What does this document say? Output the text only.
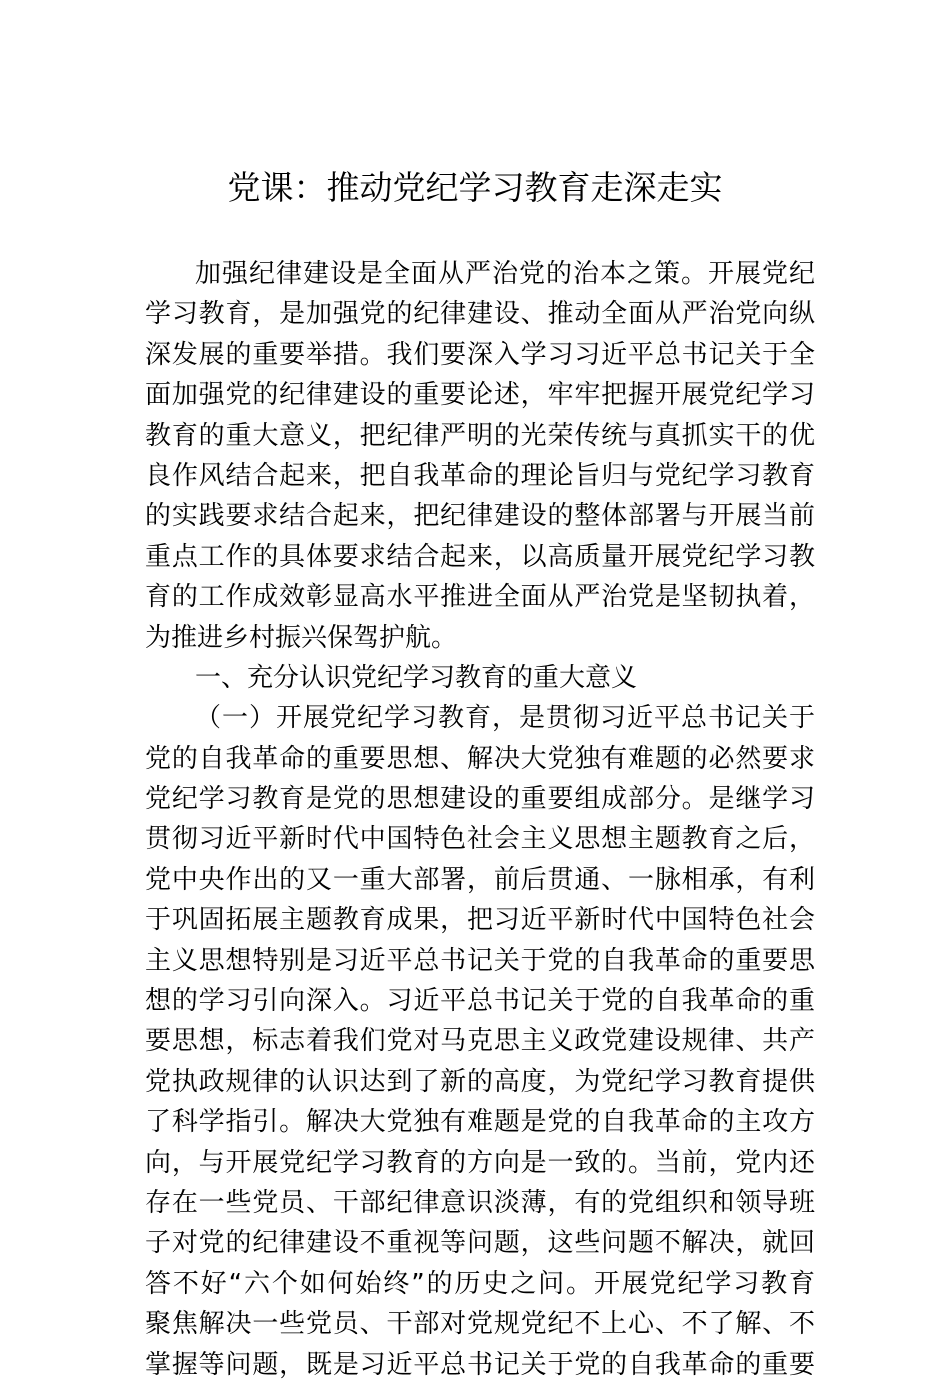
党课：推动党纪学习教育走深走实
加强纪律建设是全面从严治党的治本之策。开展党纪
学习教育，是加强党的纪律建设、推动全面从严治党向纵
深发展的重要举措。我们要深入学习习近平总书记关于全
面加强党的纪律建设的重要论述，牢牢把握开展党纪学习
教育的重大意义，把纪律严明的光荣传统与真抓实干的优
良作风结合起来，把自我革命的理论旨归与党纪学习教育
的实践要求结合起来，把纪律建设的整体部署与开展当前
重点工作的具体要求结合起来，以高质量开展党纪学习教
育的工作成效彰显高水平推进全面从严治党是坚韧执着，
为推进乡村振兴保驾护航。
一、充分认识党纪学习教育的重大意义
（一）开展党纪学习教育，是贯彻习近平总书记关于
党的自我革命的重要思想、解决大党独有难题的必然要求
党纪学习教育是党的思想建设的重要组成部分。是继学习
贯彻习近平新时代中国特色社会主义思想主题教育之后，
党中央作出的又一重大部署，前后贯通、一脉相承，有利
于巩固拓展主题教育成果，把习近平新时代中国特色社会
主义思想特别是习近平总书记关于党的自我革命的重要思
想的学习引向深入。习近平总书记关于党的自我革命的重
要思想，标志着我们党对马克思主义政党建设规律、共产
党执政规律的认识达到了新的高度，为党纪学习教育提供
了科学指引。解决大党独有难题是党的自我革命的主攻方
向，与开展党纪学习教育的方向是一致的。当前，党内还
存在一些党员、干部纪律意识淡薄，有的党组织和领导班
子对党的纪律建设不重视等问题，这些问题不解决，就回
答不好“六个如何始终”的历史之问。开展党纪学习教育
聚焦解决一些党员、干部对党规党纪不上心、不了解、不
掌握等问题，既是习近平总书记关于党的自我革命的重要
